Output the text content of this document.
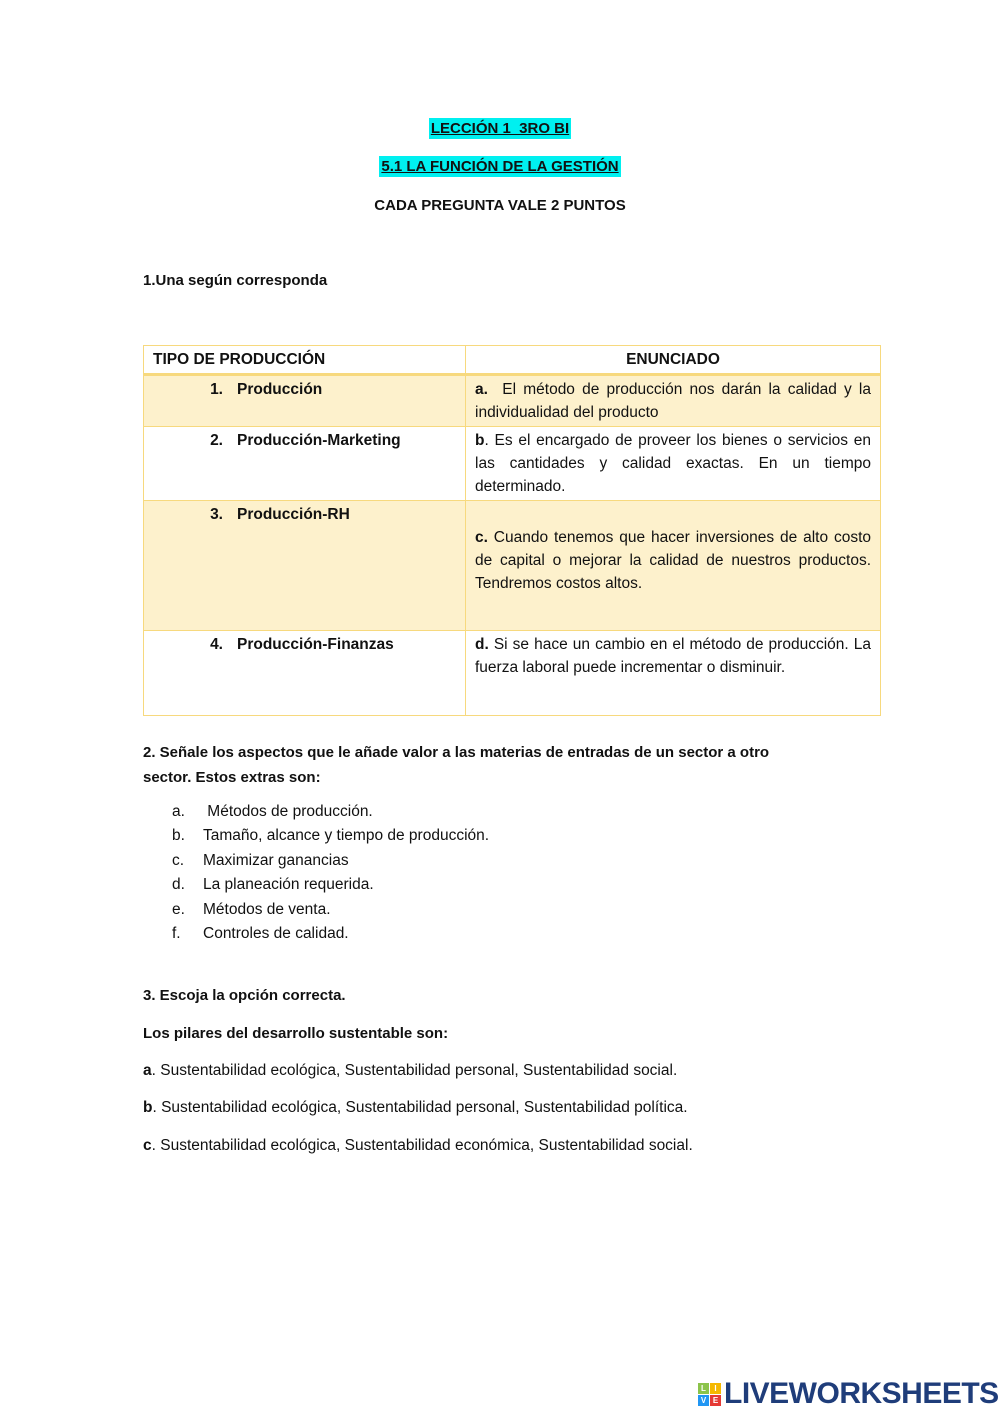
LECCIÓN 1_3RO BI
5.1 LA FUNCIÓN DE LA GESTIÓN
CADA PREGUNTA VALE 2 PUNTOS
1.Una según corresponda
TIPO DE PRODUCCIÓN	ENUNCIADO
1. Producción	a.  El método de producción nos darán la calidad y la individualidad del producto
2. Producción-Marketing	b. Es el encargado de proveer los bienes o servicios en las cantidades y calidad exactas. En un tiempo determinado.
3. Producción-RH	c. Cuando tenemos que hacer inversiones de alto costo de capital o mejorar la calidad de nuestros productos. Tendremos costos altos.
4. Producción-Finanzas	d. Si se hace un cambio en el método de producción. La fuerza laboral puede incrementar o disminuir.
2. Señale los aspectos que le añade valor a las materias de entradas de un sector a otro
sector. Estos extras son:
a. Métodos de producción.
b. Tamaño, alcance y tiempo de producción.
c. Maximizar ganancias
d. La planeación requerida.
e. Métodos de venta.
f. Controles de calidad.
3. Escoja la opción correcta.
Los pilares del desarrollo sustentable son:
a. Sustentabilidad ecológica, Sustentabilidad personal, Sustentabilidad social.
b. Sustentabilidad ecológica, Sustentabilidad personal, Sustentabilidad política.
c. Sustentabilidad ecológica, Sustentabilidad económica, Sustentabilidad social.
L	I
V E LIVEWORKSHEETS
